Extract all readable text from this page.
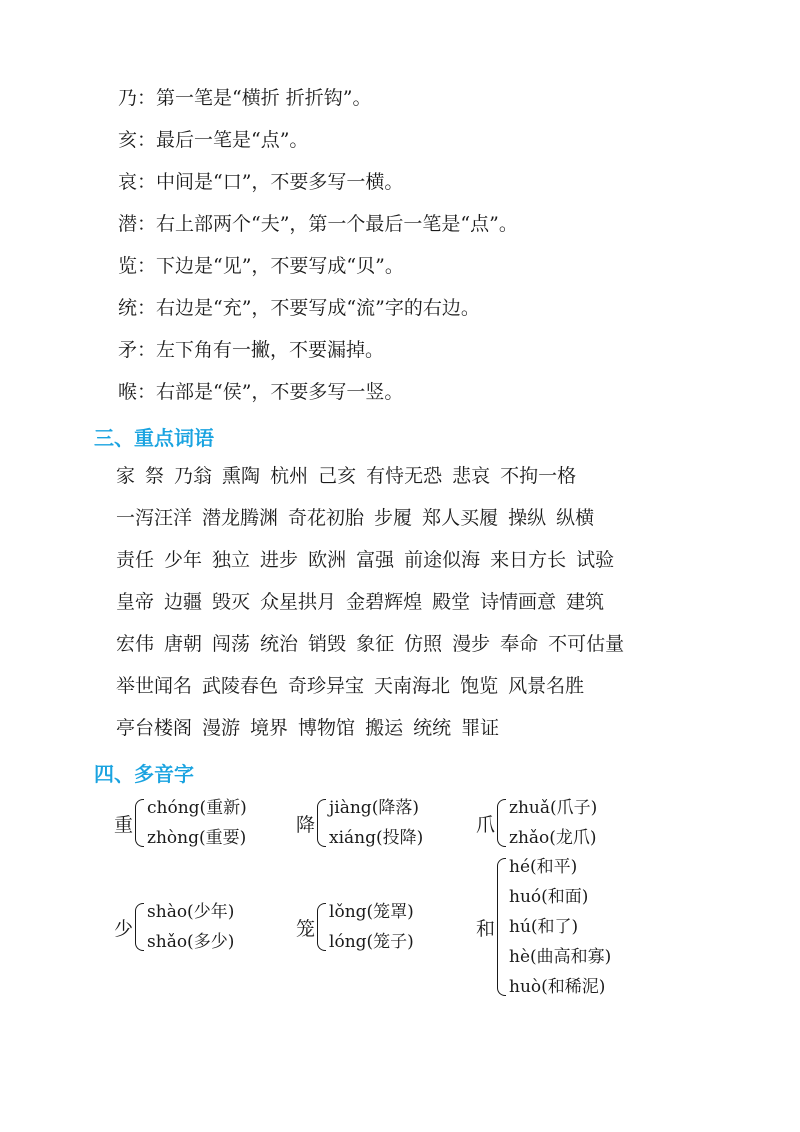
乃：第一笔是“横折 折折钩”。
亥：最后一笔是“点”。
哀：中间是“口”，不要多写一横。
潜：右上部两个“夫”，第一个最后一笔是“点”。
览：下边是“见”，不要写成“贝”。
统：右边是“充”，不要写成“流”字的右边。
矛：左下角有一撇，不要漏掉。
喉：右部是“侯”，不要多写一竖。
三、重点词语
家 祭 乃翁 熏陶 杭州 己亥 有恃无恐 悲哀 不拘一格
一泻汪洋 潜龙腾渊 奇花初胎 步履 郑人买履 操纵 纵横
责任 少年 独立 进步 欧洲 富强 前途似海 来日方长 试验
皇帝 边疆 毁灭 众星拱月 金碧辉煌 殿堂 诗情画意 建筑
宏伟 唐朝 闯荡 统治 销毁 象征 仿照 漫步 奉命 不可估量
举世闻名 武陵春色 奇珍异宝 天南海北 饱览 风景名胜
亭台楼阁 漫游 境界 博物馆 搬运 统统 罪证
四、多音字
重
chóng(重新)
zhòng(重要)
降
jiàng(降落)
xiáng(投降)
爪
zhuǎ(爪子)
zhǎo(龙爪)
少
shào(少年)
shǎo(多少)
笼
lǒng(笼罩)
lóng(笼子)
和
hé(和平)
huó(和面)
hú(和了)
hè(曲高和寡)
huò(和稀泥)
